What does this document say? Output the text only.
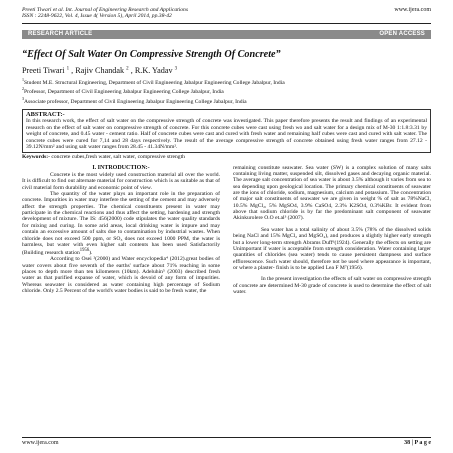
Preeti Tiwari et al. Int. Journal of Engineering Research and Applications
ISSN : 2248-9622, Vol. 4, Issue 4( Version 5), April 2014, pp.38-42
www.ijera.com
RESEARCH ARTICLE	OPEN ACCESS
“Effect Of Salt Water On Compressive Strength Of Concrete”
Preeti Tiwari $^1$ , Rajiv Chandak $^2$ , R.K. Yadav $^3$
$^1$Student M.E. Structural Engineering, Department of Civil Engineering Jabalpur Engineering College Jabalpur, India
$^2$Professor, Department of Civil Engineering Jabalpur Engineering College Jabalpur, India
$^3$Associate professor, Department of Civil Engineering Jabalpur Engineering College Jabalpur, India
ABSTRACT:-
In this research work, the effect of salt water on the compressive strength of concrete was investigated. This paper therefore presents the result and findings of an experimental research on the effect of salt water on compressive strength of concrete. For this concrete cubes were cast using fresh wo and salt water for a design mix of M-30 1:1.8:3.31 by weight of concrete, and 0.45 water - cement ratio. Half of concrete cubes were cast and cured with fresh water and remaining half cubes were cast and cured with salt water. The concrete cubes were cured for 7,14 and 28 days respectively. The result of the average compressive strength of concrete obtained using fresh water ranges from 27.12 - 39.12N/mm² and using salt water ranges from 28.45 - 41.34N/mm².
Keywords:- concrete cubes,fresh water, salt water, compressive strength
I. INTRODUCTION:-

Concrete is the most widely used construction material all over the world. It is difficult to find out alternate material for construction which is as suitable as that of civil material form durability and economic point of view.

The quantity of the water plays an important role in the preparation of concrete. Impurities in water may interfere the setting of the cement and may adversely affect the strength properties. The chemical constituents present in water may participate in the chemical reactions and thus affect the setting, hardening and strength development of mixture. The IS: 456(2000) code stipulates the water quality standards for mixing and curing. In some arid areas, local drinking water is impure and may contain an excessive amount of salts due to contamination by industrial wastes. When chloride does not exceed 500 ppm, or SO₃ does not exceed 1000 PPM, the water is harmless, but water with even higher salt contents has been used Satisfactorily (Building research station$^{1956}$).

According to Osei ²(2000) and Water encyclopedia⁴ (2012).great bodies of water covers about five seventh of the earths' surface about 71% reaching in some places to depth more than ten kilometers (10km). Adeluhin⁵ (2003) described fresh water as that purified expanse of water, which is devoid of any form of impurities. Whereas seawater is considered as water containing high percentage of Sodium chloride. Only 2.5 Percent of the world's water bodies is said to be fresh water, the

remaining constitute seawater. Sea water (SW) is a complex solution of many salts containing living matter, suspended silt, dissolved gases and decaying organic material. The average salt concentration of sea water is about 3.5% although it varies from sea to sea depending upon geological location. The primary chemical constituents of seawater are the ions of chloride, sodium, magnesium, calcium and potassium. The concentration of major salt constituents of seawater we are given in weight % of salt as 78%NaCl, 10.5% MgCl₂, 5% MgSO4, 3.9% CaSO4, 2.3% K2SO4, 0.3%KBr. It evident from above that sodium chloride is by far the predominant salt component of seawater Akinkurolere O.O et.al³ (2007).

Sea water has a total salinity of about 3.5% (78% of the dissolved solids being NaCl and 15% MgCl₂ and MgSO₄), and produces a slightly higher early strength but a lower long-term strength Abrams Duff⁶(1924). Generally the effects on setting are Unimportant if water is acceptable from strength consideration. Water containing larger quantities of chlorides (sea water) tends to cause persistent dampness and surface efflorescence. Such water should, therefore not be used where appearance is important, or where a plaster- finish is to be applied Lea F M⁷(1956).

In the present investigation the effects of salt water on compressive strength of concrete are determined M-30 grade of concrete is used to determine the effect of salt water.

www.ijera.com	38 | P a g e
